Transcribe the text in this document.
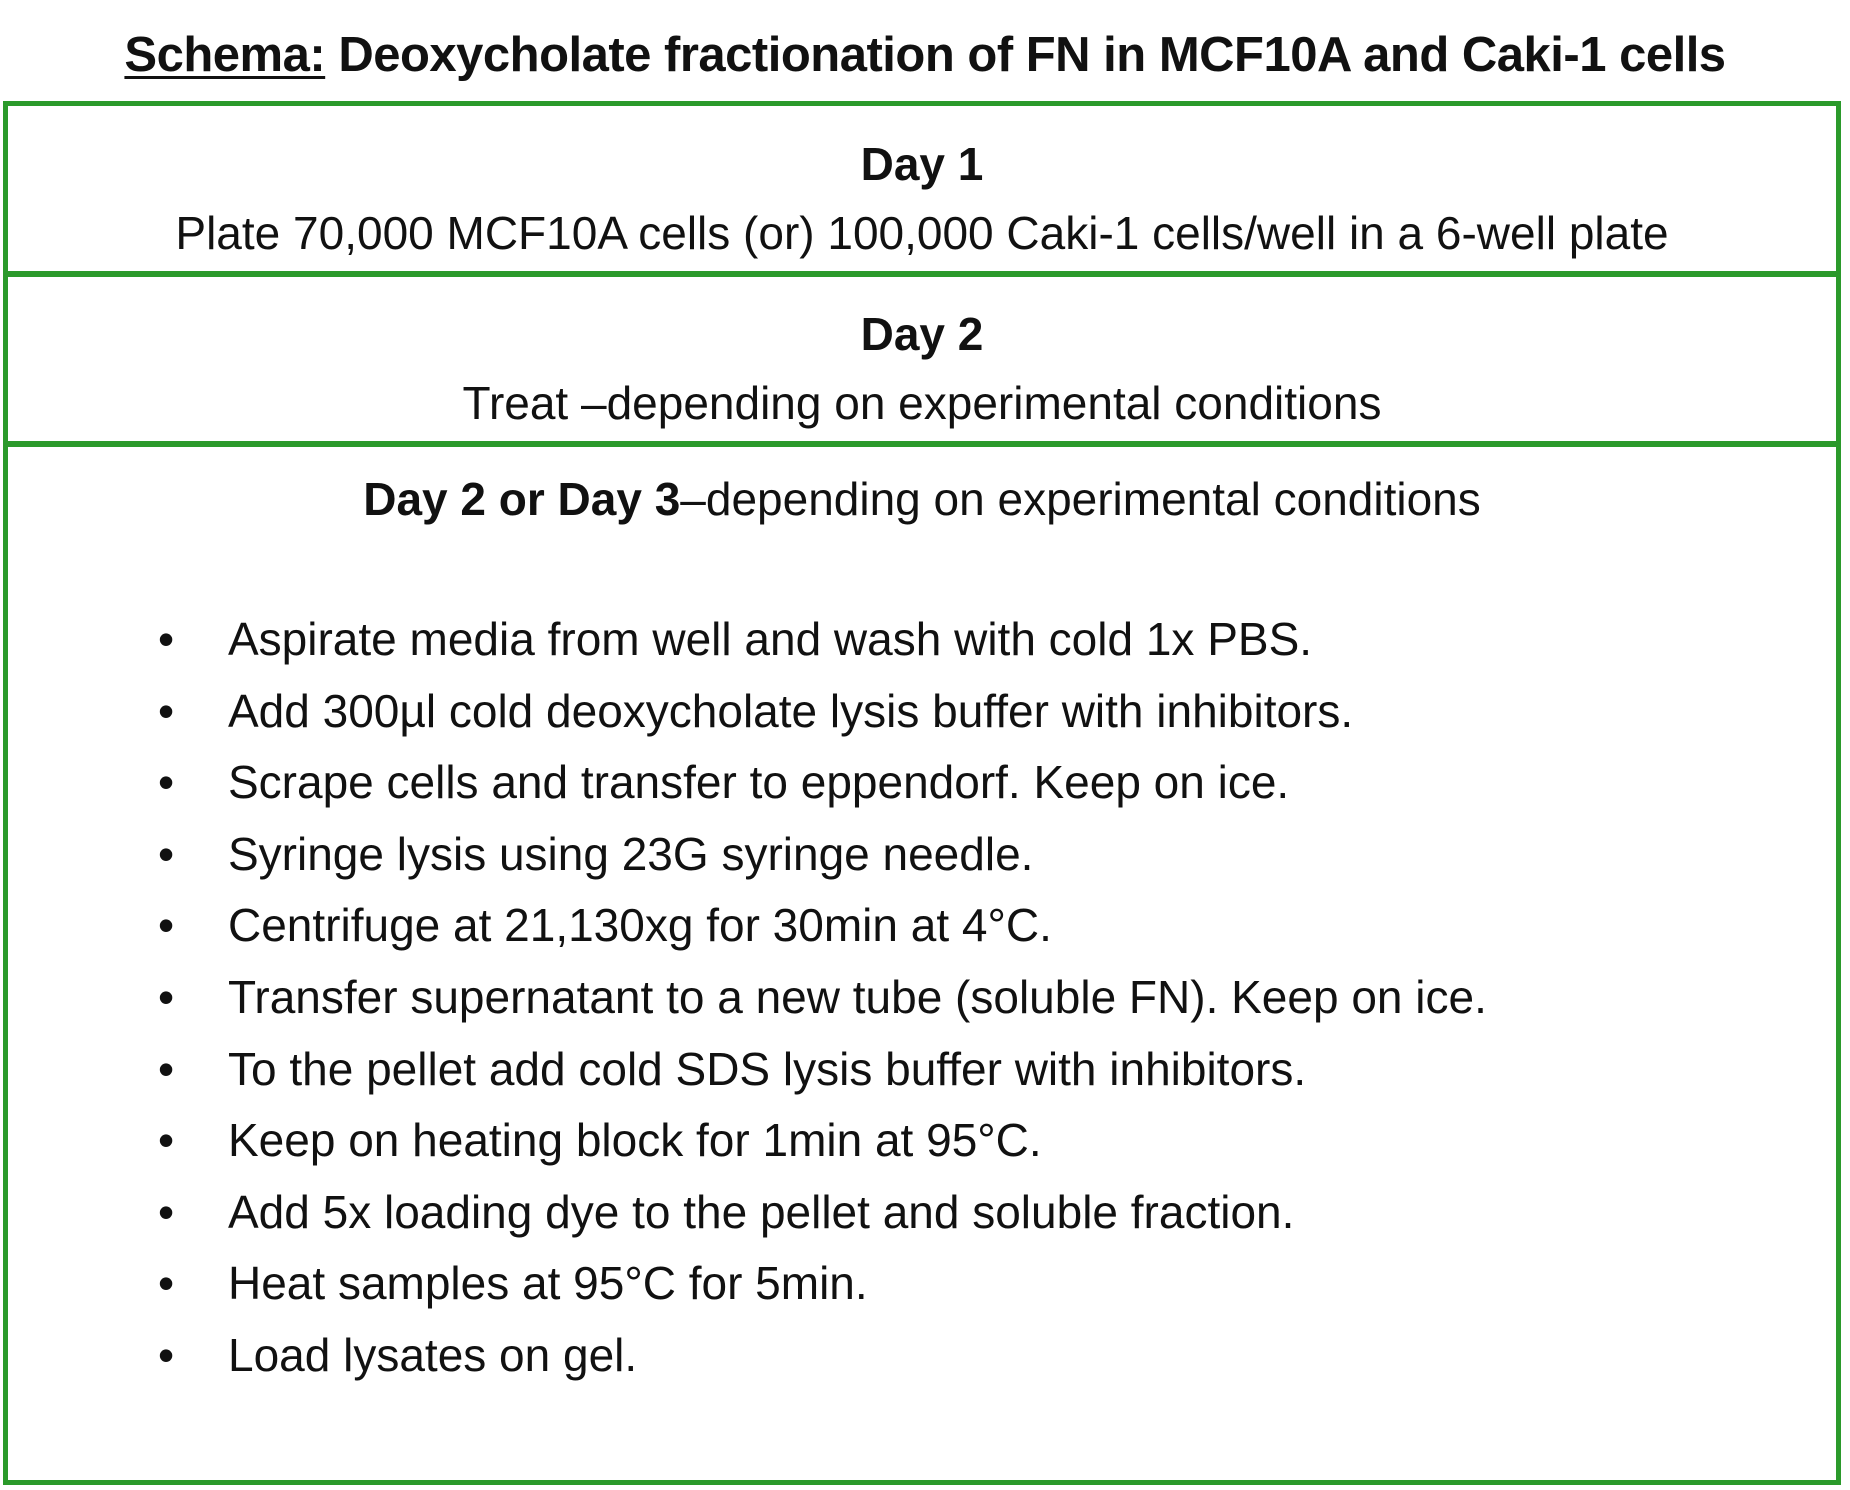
Schema: Deoxycholate fractionation of FN in MCF10A and Caki-1 cells
Day 1
Plate 70,000 MCF10A cells (or) 100,000 Caki-1 cells/well in a 6-well plate
Day 2
Treat –depending on experimental conditions
Day 2 or Day 3–depending on experimental conditions
• Aspirate media from well and wash with cold 1x PBS.
• Add 300µl cold deoxycholate lysis buffer with inhibitors.
• Scrape cells and transfer to eppendorf. Keep on ice.
• Syringe lysis using 23G syringe needle.
• Centrifuge at 21,130xg for 30min at 4°C.
• Transfer supernatant to a new tube (soluble FN). Keep on ice.
• To the pellet add cold SDS lysis buffer with inhibitors.
• Keep on heating block for 1min at 95°C.
• Add 5x loading dye to the pellet and soluble fraction.
• Heat samples at 95°C for 5min.
• Load lysates on gel.
